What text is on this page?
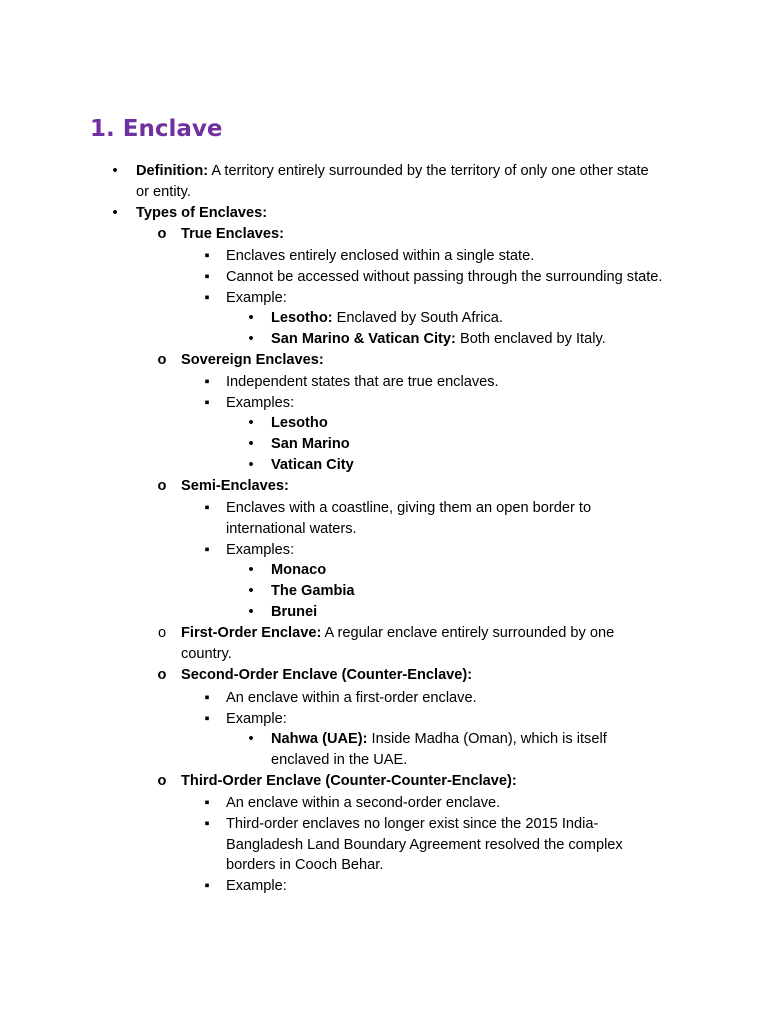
1. Enclave
•	Definition: A territory entirely surrounded by the territory of only one other state
or entity.
•	Types of Enclaves:
o True Enclaves:
▪	Enclaves entirely enclosed within a single state.
▪	Cannot be accessed without passing through the surrounding state.
▪	Example:
•	Lesotho: Enclaved by South Africa.
•	San Marino & Vatican City: Both enclaved by Italy.
o Sovereign Enclaves:
▪	Independent states that are true enclaves.
▪	Examples:
•	Lesotho
•	San Marino
•	Vatican City
o Semi-Enclaves:
▪	Enclaves with a coastline, giving them an open border to
international waters.
▪	Examples:
•	Monaco
•	The Gambia
•	Brunei
o First-Order Enclave: A regular enclave entirely surrounded by one
country.
o Second-Order Enclave (Counter-Enclave):
▪	An enclave within a first-order enclave.
▪	Example:
•	Nahwa (UAE): Inside Madha (Oman), which is itself
enclaved in the UAE.
o Third-Order Enclave (Counter-Counter-Enclave):
▪	An enclave within a second-order enclave.
▪	Third-order enclaves no longer exist since the 2015 India-
Bangladesh Land Boundary Agreement resolved the complex
borders in Cooch Behar.
▪	Example:
